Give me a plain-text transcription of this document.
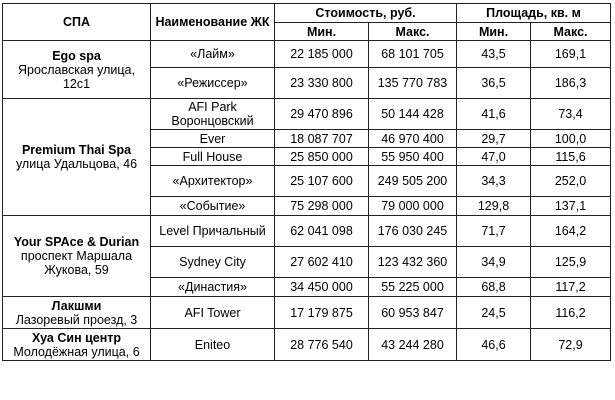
СПА	Наименование ЖК	Стоимость, руб.		Площадь, кв. м	
		Мин.	Макс.	Мин.	Макс.

Ego spa
Ярославская улица, 12с1	«Лайм»	22 185 000	68 101 705	43,5	169,1
	«Режиссер»	23 330 800	135 770 783	36,5	186,3

Premium Thai Spa
улица Удальцова, 46	AFI Park Воронцовский	29 470 896	50 144 428	41,6	73,4
	Ever	18 087 707	46 970 400	29,7	100,0
	Full House	25 850 000	55 950 400	47,0	115,6
	«Архитектор»	25 107 600	249 505 200	34,3	252,0
	«Событие»	75 298 000	79 000 000	129,8	137,1

Your SPAce & Durian
проспект Маршала Жукова, 59	Level Причальный	62 041 098	176 030 245	71,7	164,2
	Sydney City	27 602 410	123 432 360	34,9	125,9
	«Династия»	34 450 000	55 225 000	68,8	117,2

Лакшми
Лазоревый проезд, 3	AFI Tower	17 179 875	60 953 847	24,5	116,2

Хуа Син центр
Молодёжная улица, 6	Eniteo	28 776 540	43 244 280	46,6	72,9
